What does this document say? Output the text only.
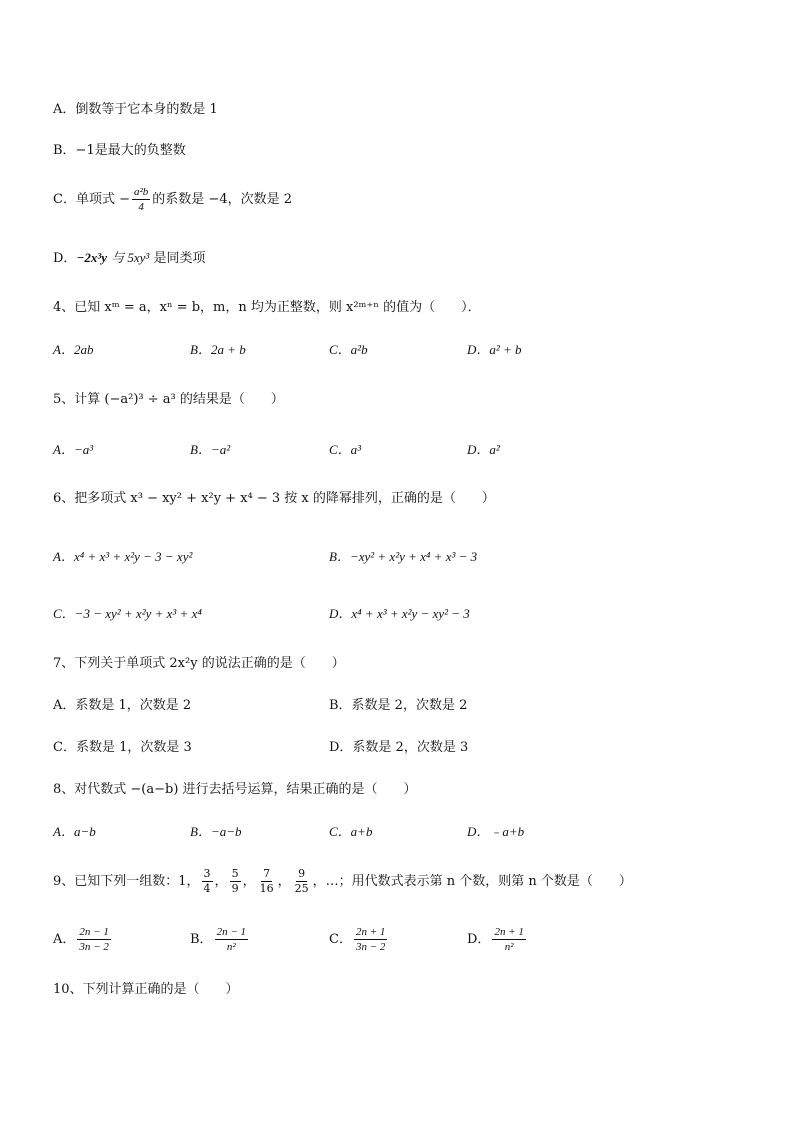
A．倒数等于它本身的数是 1
B．−1是最大的负整数
C．单项式 − $\frac{\text{a²b}}{4}$ 的系数是 −4，次数是 2
D．−2x³y 与 5xy³ 是同类项
4、已知 xᵐ = a，xⁿ = b，m，n 均为正整数，则 x²ᵐ⁺ⁿ 的值为（　　）．
A．2ab	B．2a + b	C．a²b	D．a² + b
5、计算 (−a²)³ ÷ a³ 的结果是（　　）
A．−a³	B．−a²	C．a³	D．a²
6、把多项式 x³ − xy² + x²y + x⁴ − 3 按 x 的降幂排列，正确的是（　　）
A．x⁴ + x³ + x²y − 3 − xy²	B．−xy² + x²y + x⁴ + x³ − 3
C．−3 − xy² + x²y + x³ + x⁴	D．x⁴ + x³ + x²y − xy² − 3
7、下列关于单项式 2x²y 的说法正确的是（　　）
A．系数是 1，次数是 2	B．系数是 2，次数是 2
C．系数是 1，次数是 3	D．系数是 2，次数是 3
8、对代数式 −(a−b) 进行去括号运算，结果正确的是（　　）
A．a−b	B．−a−b	C．a+b	D．﹣a+b
9、已知下列一组数：1， $\frac{3}{4}$ ， $\frac{5}{9}$ ， $\frac{7}{16}$ ， $\frac{9}{25}$ ，…；用代数式表示第 n 个数，则第 n 个数是（　　）
A． $\frac{2n - 1}{3n - 2}$	B． $\frac{2n - 1}{\text{n²}}$	C． $\frac{2n + 1}{3n - 2}$	D． $\frac{2n + 1}{\text{n²}}$
10、下列计算正确的是（　　）
